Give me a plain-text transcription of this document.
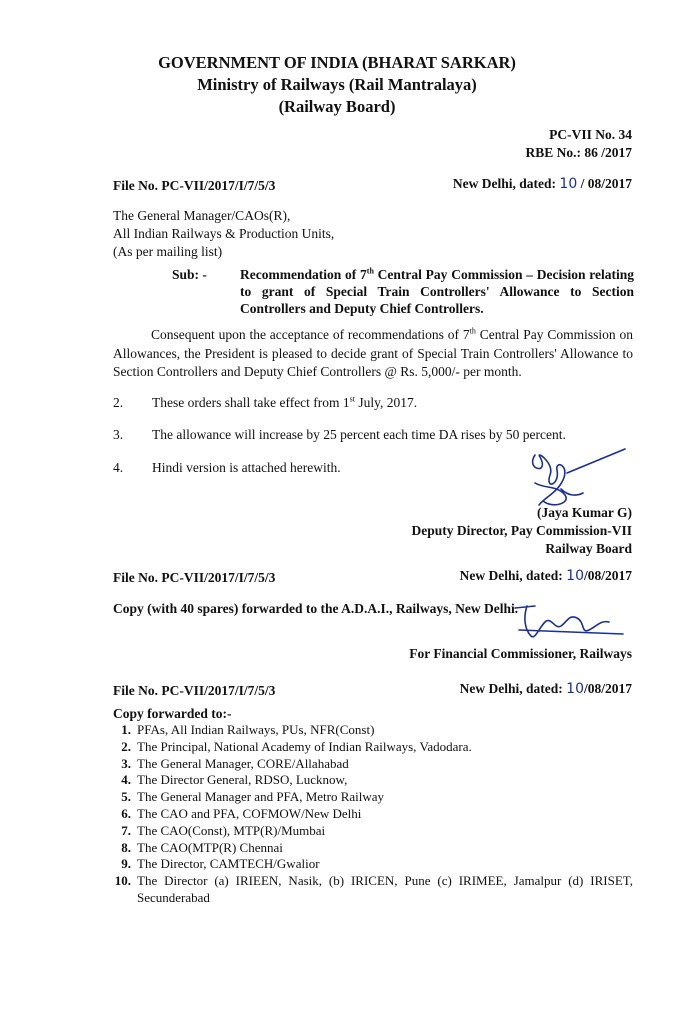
GOVERNMENT OF INDIA (BHARAT SARKAR)
Ministry of Railways (Rail Mantralaya)
(Railway Board)
PC-VII No. 34
RBE No.: 86 /2017
File No. PC-VII/2017/I/7/5/3	New Delhi, dated: 10 / 08/2017
The General Manager/CAOs(R),
All Indian Railways & Production Units,
(As per mailing list)
Sub: - Recommendation of 7th Central Pay Commission – Decision relating to grant of Special Train Controllers' Allowance to Section Controllers and Deputy Chief Controllers.
Consequent upon the acceptance of recommendations of 7th Central Pay Commission on Allowances, the President is pleased to decide grant of Special Train Controllers' Allowance to Section Controllers and Deputy Chief Controllers @ Rs. 5,000/- per month.
2. These orders shall take effect from 1st July, 2017.
3. The allowance will increase by 25 percent each time DA rises by 50 percent.
4. Hindi version is attached herewith.
(Jaya Kumar G)
Deputy Director, Pay Commission-VII
Railway Board
File No. PC-VII/2017/I/7/5/3	New Delhi, dated: 10/08/2017
Copy (with 40 spares) forwarded to the A.D.A.I., Railways, New Delhi.
For Financial Commissioner, Railways
File No. PC-VII/2017/I/7/5/3	New Delhi, dated: 10/08/2017
Copy forwarded to:-
1. PFAs, All Indian Railways, PUs, NFR(Const)
2. The Principal, National Academy of Indian Railways, Vadodara.
3. The General Manager, CORE/Allahabad
4. The Director General, RDSO, Lucknow,
5. The General Manager and PFA, Metro Railway
6. The CAO and PFA, COFMOW/New Delhi
7. The CAO(Const), MTP(R)/Mumbai
8. The CAO(MTP(R) Chennai
9. The Director, CAMTECH/Gwalior
10. The Director (a) IRIEEN, Nasik, (b) IRICEN, Pune (c) IRIMEE, Jamalpur (d) IRISET, Secunderabad
